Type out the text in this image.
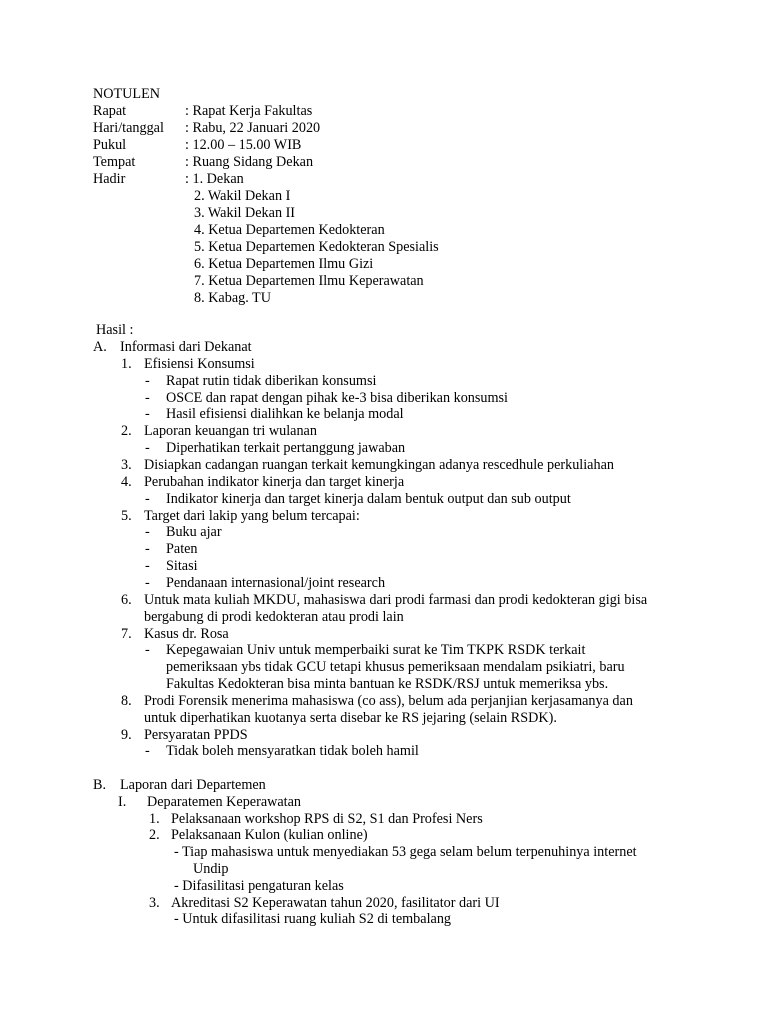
NOTULEN
Rapat	: Rapat Kerja Fakultas
Hari/tanggal : Rabu, 22 Januari 2020
Pukul	: 12.00 – 15.00 WIB
Tempat	: Ruang Sidang Dekan
Hadir	: 1. Dekan
2. Wakil Dekan I
3. Wakil Dekan II
4. Ketua Departemen Kedokteran
5. Ketua Departemen Kedokteran Spesialis
6. Ketua Departemen Ilmu Gizi
7. Ketua Departemen Ilmu Keperawatan
8. Kabag. TU
Hasil :
A. Informasi dari Dekanat
1. Efisiensi Konsumsi
- Rapat rutin tidak diberikan konsumsi
- OSCE dan rapat dengan pihak ke-3 bisa diberikan konsumsi
- Hasil efisiensi dialihkan ke belanja modal
2. Laporan keuangan tri wulanan
- Diperhatikan terkait pertanggung jawaban
3. Disiapkan cadangan ruangan terkait kemungkingan adanya rescedhule perkuliahan
4. Perubahan indikator kinerja dan target kinerja
- Indikator kinerja dan target kinerja dalam bentuk output dan sub output
5. Target dari lakip yang belum tercapai:
- Buku ajar
- Paten
- Sitasi
- Pendanaan internasional/joint research
6. Untuk mata kuliah MKDU, mahasiswa dari prodi farmasi dan prodi kedokteran gigi bisa
bergabung di prodi kedokteran atau prodi lain
7. Kasus dr. Rosa
- Kepegawaian Univ untuk memperbaiki surat ke Tim TKPK RSDK terkait
pemeriksaan ybs tidak GCU tetapi khusus pemeriksaan mendalam psikiatri, baru
Fakultas Kedokteran bisa minta bantuan ke RSDK/RSJ untuk memeriksa ybs.
8. Prodi Forensik menerima mahasiswa (co ass), belum ada perjanjian kerjasamanya dan
untuk diperhatikan kuotanya serta disebar ke RS jejaring (selain RSDK).
9. Persyaratan PPDS
- Tidak boleh mensyaratkan tidak boleh hamil
B. Laporan dari Departemen
I. Deparatemen Keperawatan
1. Pelaksanaan workshop RPS di S2, S1 dan Profesi Ners
2. Pelaksanaan Kulon (kulian online)
- Tiap mahasiswa untuk menyediakan 53 gega selam belum terpenuhinya internet
Undip
- Difasilitasi pengaturan kelas
3. Akreditasi S2 Keperawatan tahun 2020, fasilitator dari UI
- Untuk difasilitasi ruang kuliah S2 di tembalang
